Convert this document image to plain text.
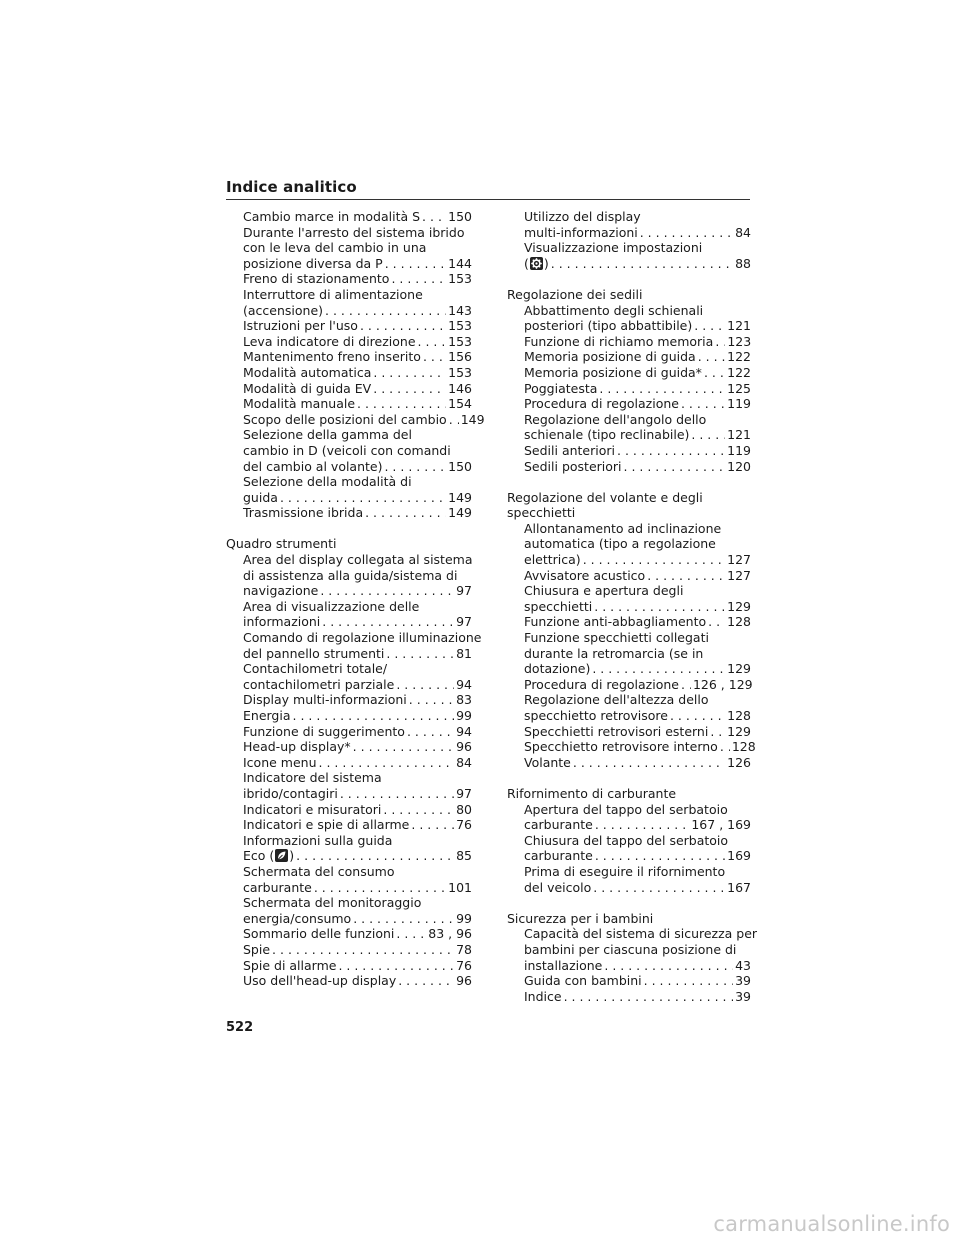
Indice analitico
Cambio marce in modalità S . . . 150
Durante l'arresto del sistema ibrido
con le leva del cambio in una
posizione diversa da P . . .	144
Freno di stazionamento . . .	153
Interruttore di alimentazione
(accensione) . . .	143
Istruzioni per l'uso . . .	153
Leva indicatore di direzione . . .	153
Mantenimento freno inserito . . . 156
Modalità automatica . . .	153
Modalità di guida EV . . .	146
Modalità manuale . . .	154
Scopo delle posizioni del cambio . . . 149
Selezione della gamma del
cambio in D (veicoli con comandi
del cambio al volante) . . .	150
Selezione della modalità di
guida . . .	149
Trasmissione ibrida . . .	149
Quadro strumenti
Area del display collegata al sistema
di assistenza alla guida/sistema di
navigazione . . .	97
Area di visualizzazione delle
informazioni . . .	97
Comando di regolazione illuminazione
del pannello strumenti . . .	81
Contachilometri totale/
contachilometri parziale . . .	94
Display multi-informazioni . . .	83
Energia . . .	99
Funzione di suggerimento . . .	94
Head-up display* . . .	96
Icone menu . . .	84
Indicatore del sistema
ibrido/contagiri . . .	97
Indicatori e misuratori . . .	80
Indicatori e spie di allarme . . .	76
Informazioni sulla guida
Eco ( ) . . .	85
Schermata del consumo
carburante . . .	101
Schermata del monitoraggio
energia/consumo . . .	99
Sommario delle funzioni . . .	83 , 96
Spie . . .	78
Spie di allarme . . .	76
Uso dell'head-up display . . .	96
Utilizzo del display
multi-informazioni . . .	84
Visualizzazione impostazioni
( ) . . .	88
Regolazione dei sedili
Abbattimento degli schienali
posteriori (tipo abbattibile) . . .	121
Funzione di richiamo memoria . . . 123
Memoria posizione di guida . . .	122
Memoria posizione di guida* . . . 122
Poggiatesta . . .	125
Procedura di regolazione . . .	119
Regolazione dell'angolo dello
schienale (tipo reclinabile) . . .	121
Sedili anteriori . . .	119
Sedili posteriori . . .	120
Regolazione del volante e degli
specchietti
Allontanamento ad inclinazione
automatica (tipo a regolazione
elettrica) . . .	127
Avvisatore acustico . . .	127
Chiusura e apertura degli
specchietti . . .	129
Funzione anti-abbagliamento . . . 128
Funzione specchietti collegati
durante la retromarcia (se in
dotazione) . . .	129
Procedura di regolazione . . . 126 , 129
Regolazione dell'altezza dello
specchietto retrovisore . . .	128
Specchietti retrovisori esterni . . . 129
Specchietto retrovisore interno . . . 128
Volante . . .	126
Rifornimento di carburante
Apertura del tappo del serbatoio
carburante . . .	167 , 169
Chiusura del tappo del serbatoio
carburante . . .	169
Prima di eseguire il rifornimento
del veicolo . . .	167
Sicurezza per i bambini
Capacità del sistema di sicurezza per
bambini per ciascuna posizione di
installazione . . .	43
Guida con bambini . . .	39
Indice . . .	39
522
carmanualsonline.info
